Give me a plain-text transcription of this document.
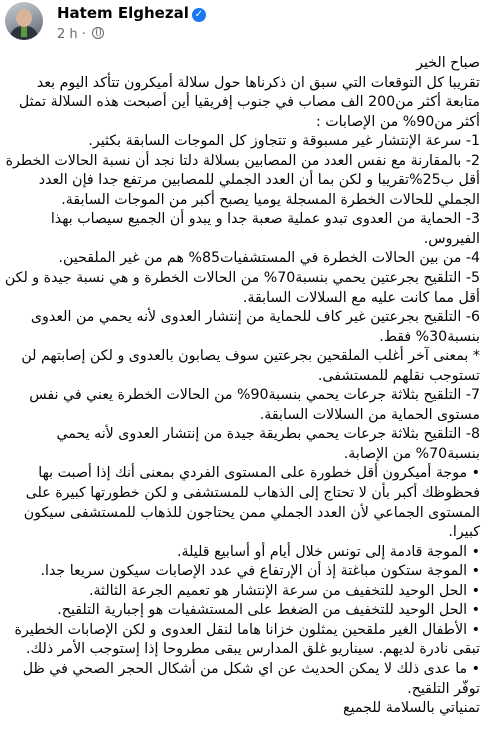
Hatem Elghezal ✓
2 h ·

صباح الخير

تقريبا كل التوقعات التي سبق ان ذكرناها حول سلالة أميكرون تتأكد اليوم بعد متابعة أكثر من200 الف مصاب في جنوب إفريقيا أين أصبحت هذه السلالة تمثل أكثر من90% من الإصابات :

1- سرعة الإنتشار غير مسبوقة و تتجاوز كل الموجات السابقة بكثير.

2- بالمقارنة مع نفس العدد من المصابين بسلالة دلتا نجد أن نسبة الحالات الخطرة أقل ب25%تقريبا و لكن بما أن العدد الجملي للمصابين مرتفع جدا فإن العدد الجملي للحالات الخطرة المسجلة يوميا يصبح أكبر من الموجات السابقة.

3- الحماية من العدوى تبدو عملية صعبة جدا و يبدو أن الجميع سيصاب بهذا الفيروس.

4- من بين الحالات الخطرة في المستشفيات85% هم من غير الملقحين.

5- التلقيح بجرعتين يحمي بنسبة70% من الحالات الخطرة و هي نسبة جيدة و لكن أقل مما كانت عليه مع السلالات السابقة.

6- التلقيح بجرعتين غير كاف للحماية من إنتشار العدوى لأنه يحمي من العدوى بنسبة30% فقط.

* بمعنى آخر أغلب الملقحين بجرعتين سوف يصابون بالعدوى و لكن إصابتهم لن تستوجب نقلهم للمستشفى.

7- التلقيح بثلاثة جرعات يحمي بنسبة90% من الحالات الخطرة يعني في نفس مستوى الحماية من السلالات السابقة.

8- التلقيح بثلاثة جرعات يحمي بطريقة جيدة من إنتشار العدوى لأنه يحمي بنسبة70% من الإصابة.

• موجة أميكرون أقل خطورة على المستوى الفردي بمعنى أنك إذا أصبت بها فحظوظك أكبر بأن لا تحتاج إلى الذهاب للمستشفى و لكن خطورتها كبيرة على المستوى الجماعي لأن العدد الجملي ممن يحتاجون للذهاب للمستشفى سيكون كبيرا.

• الموجة قادمة إلى تونس خلال أيام أو أسابيع قليلة.

• الموجة ستكون مباغتة إذ أن الإرتفاع في عدد الإصابات سيكون سريعا جدا.

• الحل الوحيد للتخفيف من سرعة الإنتشار هو تعميم الجرعة الثالثة.

• الحل الوحيد للتخفيف من الضغط على المستشفيات هو إجبارية التلقيح.

• الأطفال الغير ملقحين يمثلون خزانا هاما لنقل العدوى و لكن الإصابات الخطيرة تبقى نادرة لديهم. سيناريو غلق المدارس يبقى مطروحا إذا إستوجب الأمر ذلك.

• ما عدى ذلك لا يمكن الحديث عن اي شكل من أشكال الحجر الصحي في ظل توفّر التلقيح.

تمنياتي بالسلامة للجميع
